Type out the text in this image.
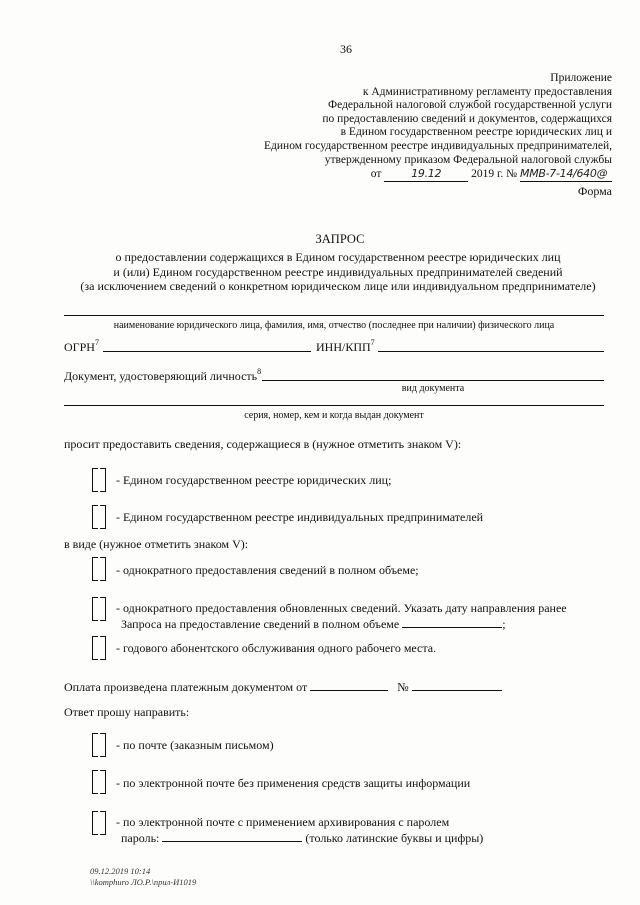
36
Приложение
к Административному регламенту предоставления
Федеральной налоговой службой государственной услуги
по предоставлению сведений и документов, содержащихся
в Едином государственном реестре юридических лиц и
Едином государственном реестре индивидуальных предпринимателей,
утвержденному приказом Федеральной налоговой службы
от	19.12	2019 г. № ММВ-7-14/640@
Форма
ЗАПРОС
о предоставлении содержащихся в Едином государственном реестре юридических лиц
и (или) Едином государственном реестре индивидуальных предпринимателей сведений
(за исключением сведений о конкретном юридическом лице или индивидуальном предпринимателе)
наименование юридического лица, фамилия, имя, отчество (последнее при наличии) физического лица
ОГРН$^7$	ИНН/КПП$^7$
Документ, удостоверяющий личность$^8$
вид документа
серия, номер, кем и когда выдан документ
просит предоставить сведения, содержащиеся в (нужное отметить знаком V):
- Едином государственном реестре юридических лиц;
- Едином государственном реестре индивидуальных предпринимателей
в виде (нужное отметить знаком V):
- однократного предоставления сведений в полном объеме;
- однократного предоставления обновленных сведений. Указать дату направления ранее
Запроса на предоставление сведений в полном объеме	;
- годового абонентского обслуживания одного рабочего места.
Оплата произведена платежным документом от	№
Ответ прошу направить:
- по почте (заказным письмом)
- по электронной почте без применения средств защиты информации
- по электронной почте с применением архивирования с паролем
пароль:	(только латинские буквы и цифры)
09.12.2019 10:14
\\komphuro ЛО.Р.\прил-И1019
